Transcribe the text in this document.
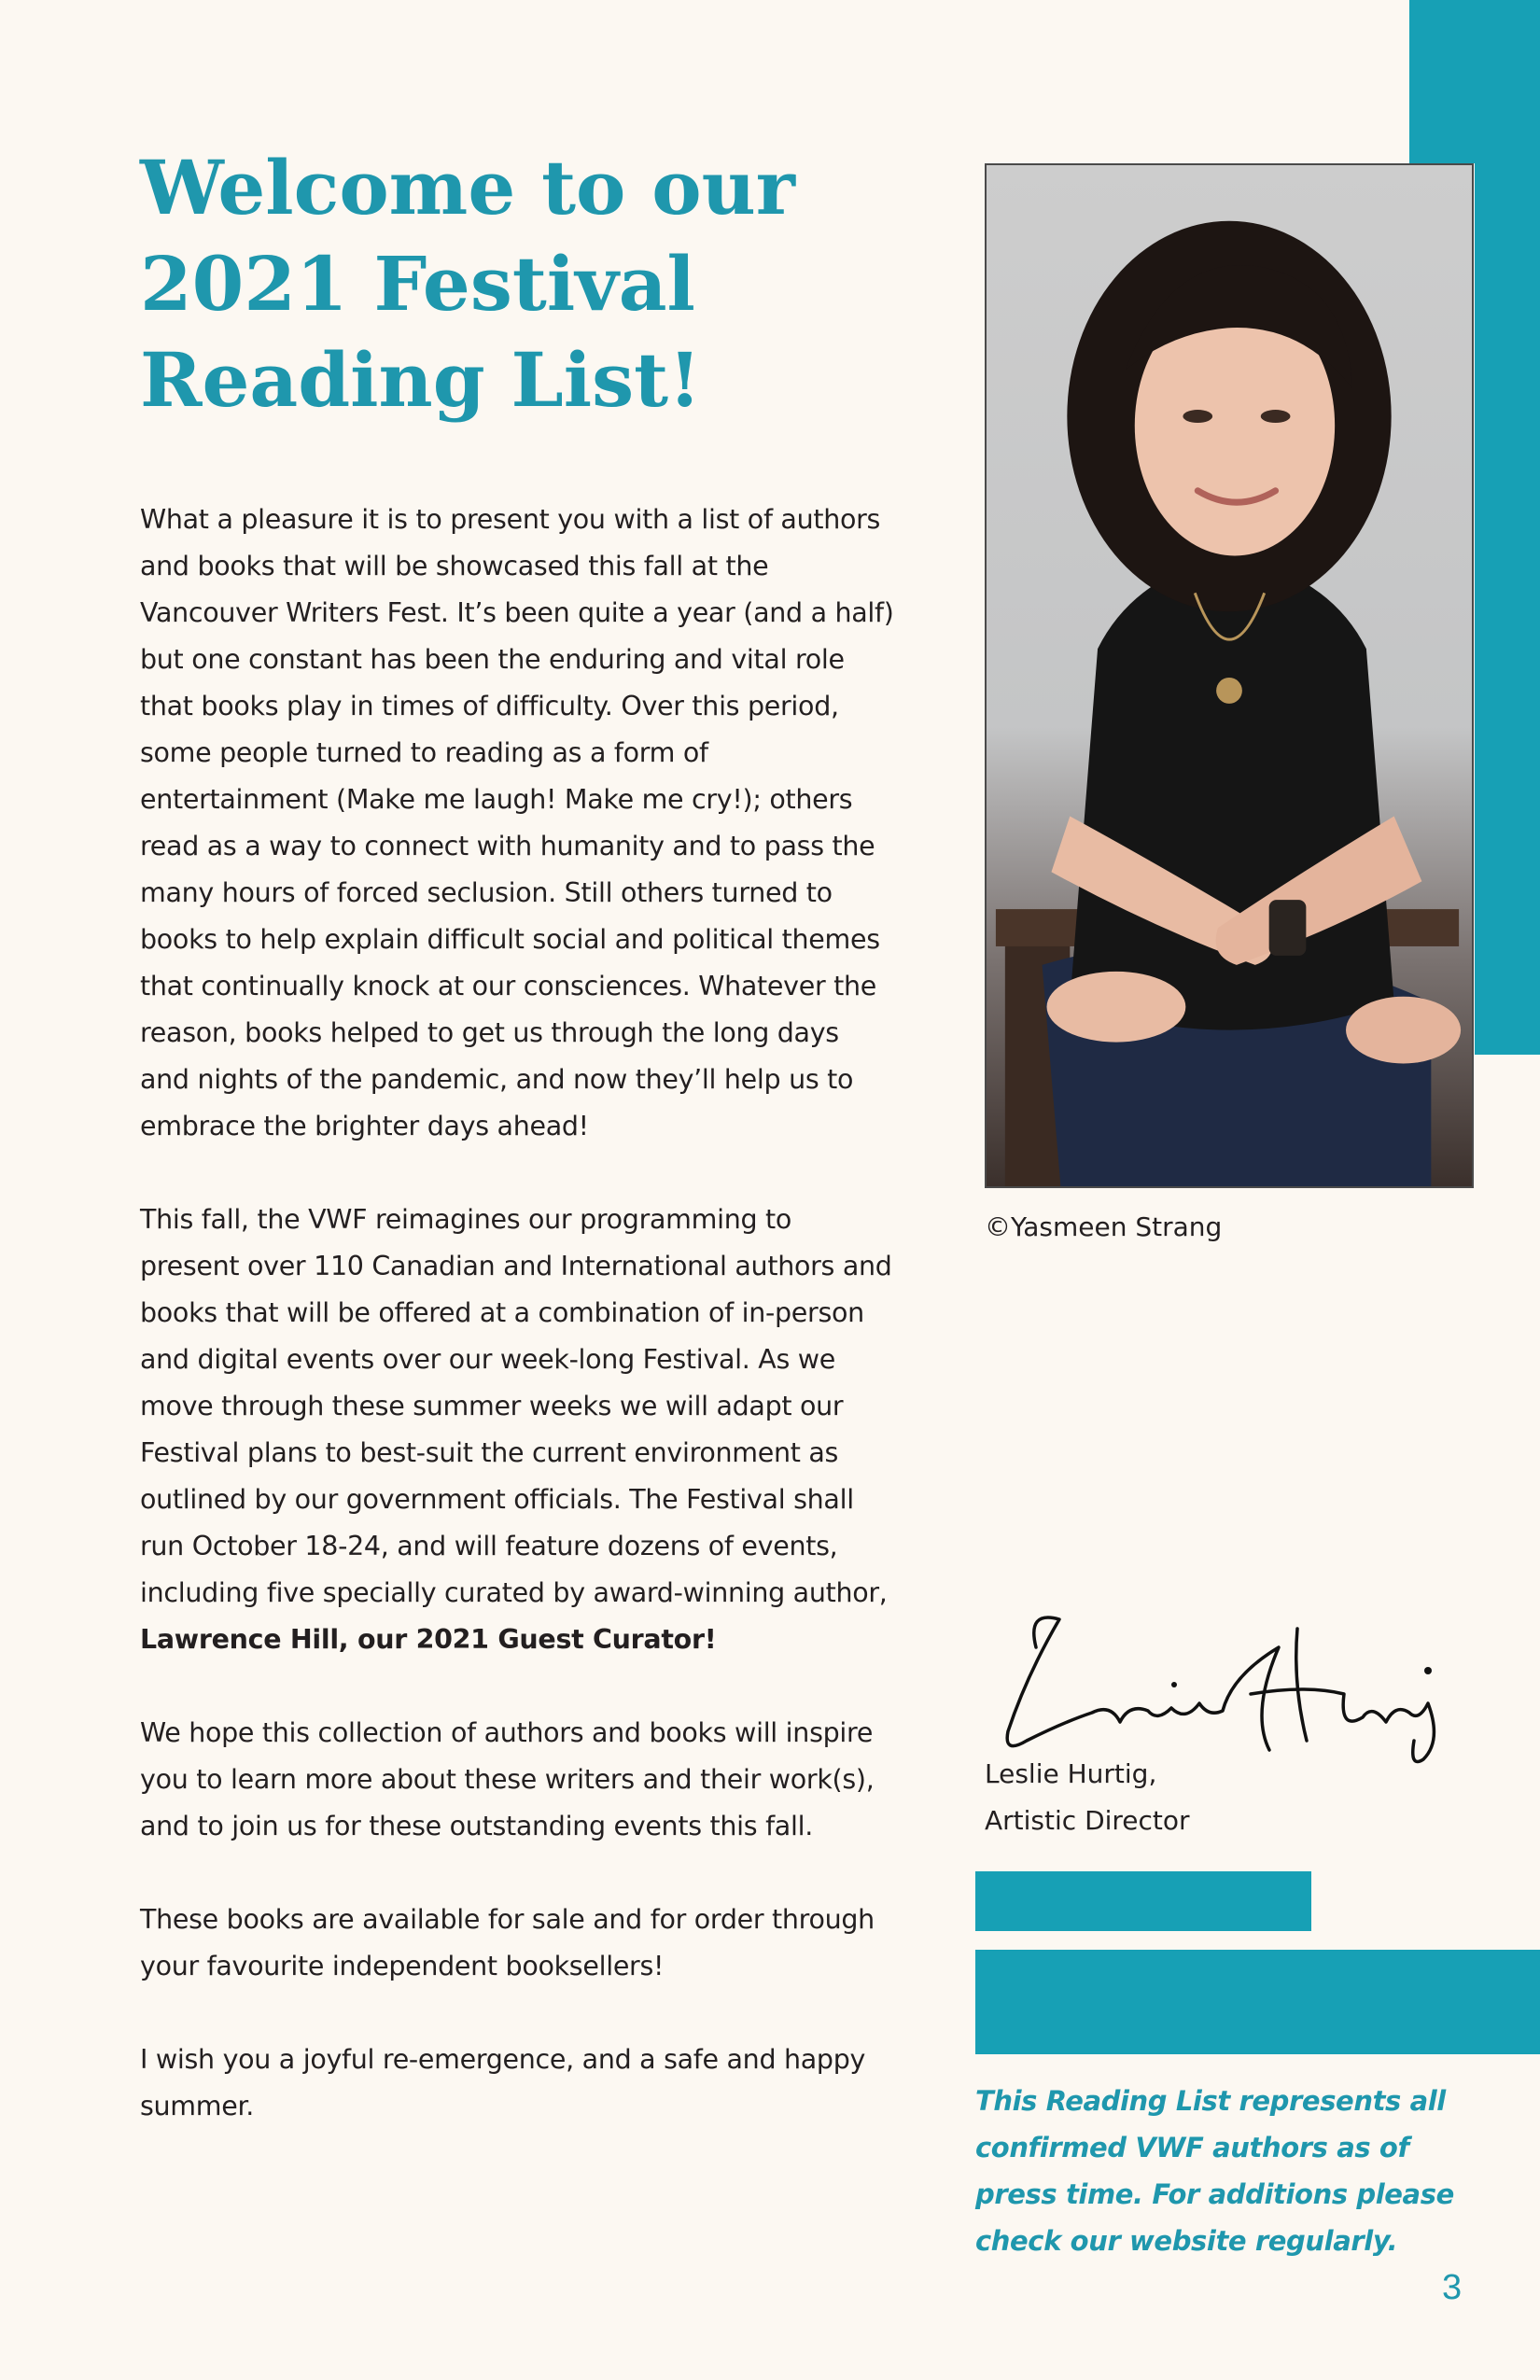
Welcome to our
2021 Festival
Reading List!

What a pleasure it is to present you with a list of authors and books that will be showcased this fall at the Vancouver Writers Fest. It’s been quite a year (and a half) but one constant has been the enduring and vital role that books play in times of difficulty. Over this period, some people turned to reading as a form of entertainment (Make me laugh! Make me cry!); others read as a way to connect with humanity and to pass the many hours of forced seclusion. Still others turned to books to help explain difficult social and political themes that continually knock at our consciences. Whatever the reason, books helped to get us through the long days and nights of the pandemic, and now they’ll help us to embrace the brighter days ahead!

This fall, the VWF reimagines our programming to present over 110 Canadian and International authors and books that will be offered at a combination of in-person and digital events over our week-long Festival. As we move through these summer weeks we will adapt our Festival plans to best-suit the current environment as outlined by our government officials. The Festival shall run October 18-24, and will feature dozens of events, including five specially curated by award-winning author, Lawrence Hill, our 2021 Guest Curator!

We hope this collection of authors and books will inspire you to learn more about these writers and their work(s), and to join us for these outstanding events this fall.

These books are available for sale and for order through your favourite independent booksellers!

I wish you a joyful re-emergence, and a safe and happy summer.

©Yasmeen Strang
Leslie Hurtig,
Artistic Director
This Reading List represents all confirmed VWF authors as of press time. For additions please check our website regularly.
3
